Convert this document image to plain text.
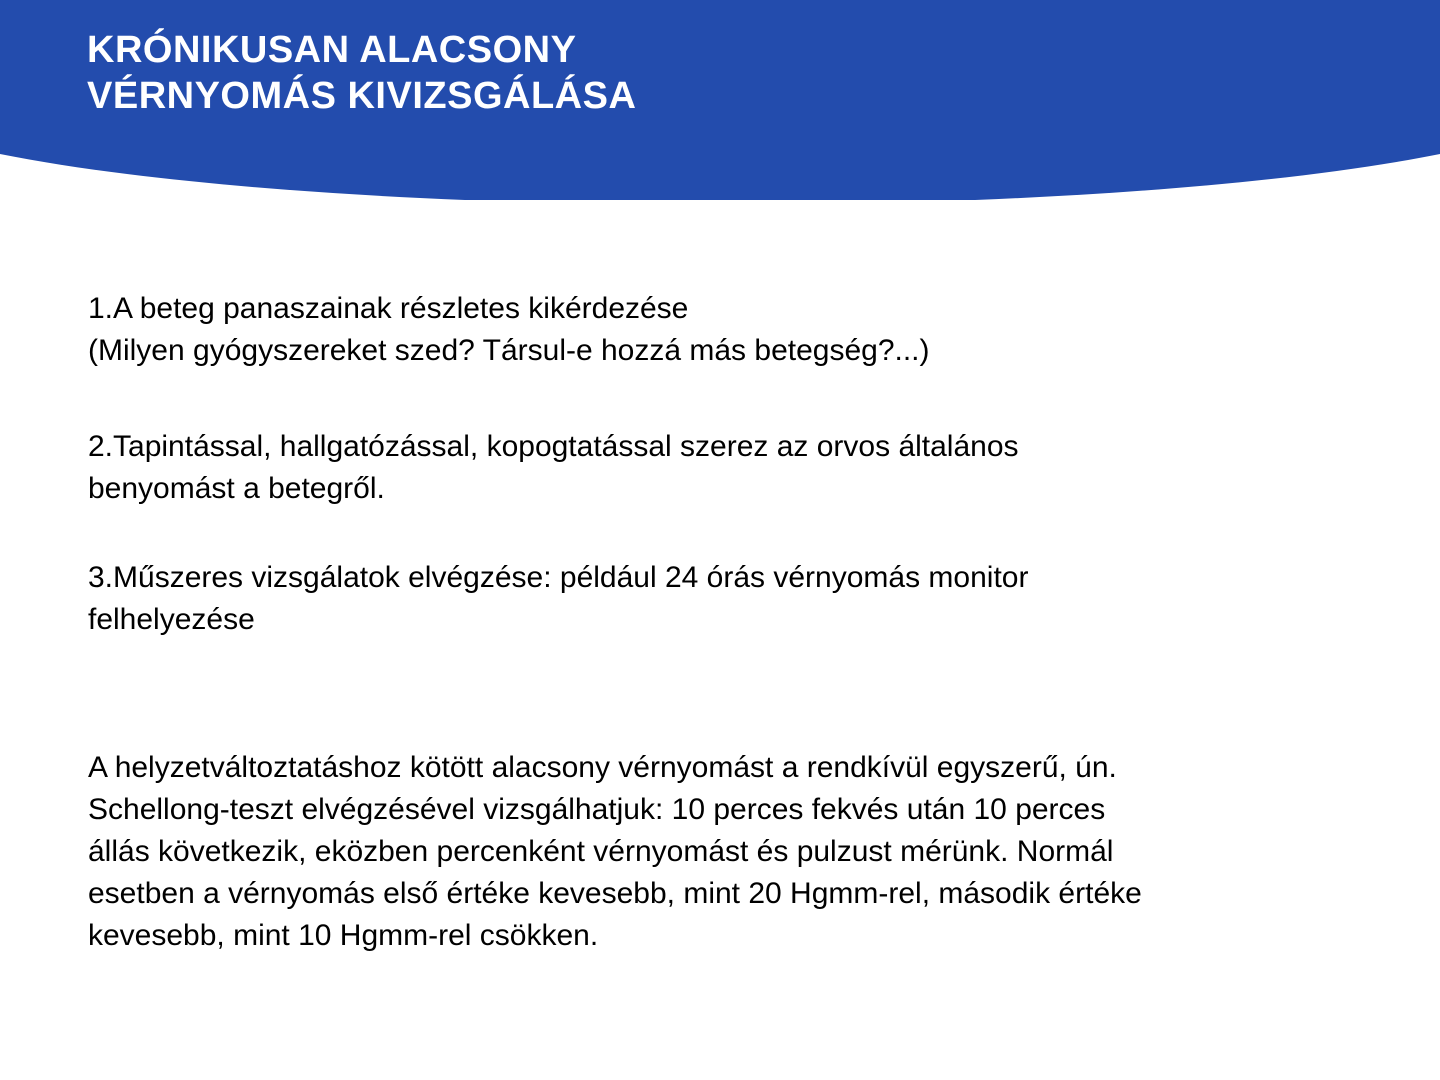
KRÓNIKUSAN ALACSONY
VÉRNYOMÁS KIVIZSGÁLÁSA

1.A beteg panaszainak részletes kikérdezése
(Milyen gyógyszereket szed? Társul-e hozzá más betegség?...)

2.Tapintással, hallgatózással, kopogtatással szerez az orvos általános
benyomást a betegről.

3.Műszeres vizsgálatok elvégzése: például 24 órás vérnyomás monitor
felhelyezése

A helyzetváltoztatáshoz kötött alacsony vérnyomást a rendkívül egyszerű, ún.
Schellong-teszt elvégzésével vizsgálhatjuk: 10 perces fekvés után 10 perces
állás következik, eközben percenként vérnyomást és pulzust mérünk. Normál
esetben a vérnyomás első értéke kevesebb, mint 20 Hgmm-rel, második értéke
kevesebb, mint 10 Hgmm-rel csökken.
